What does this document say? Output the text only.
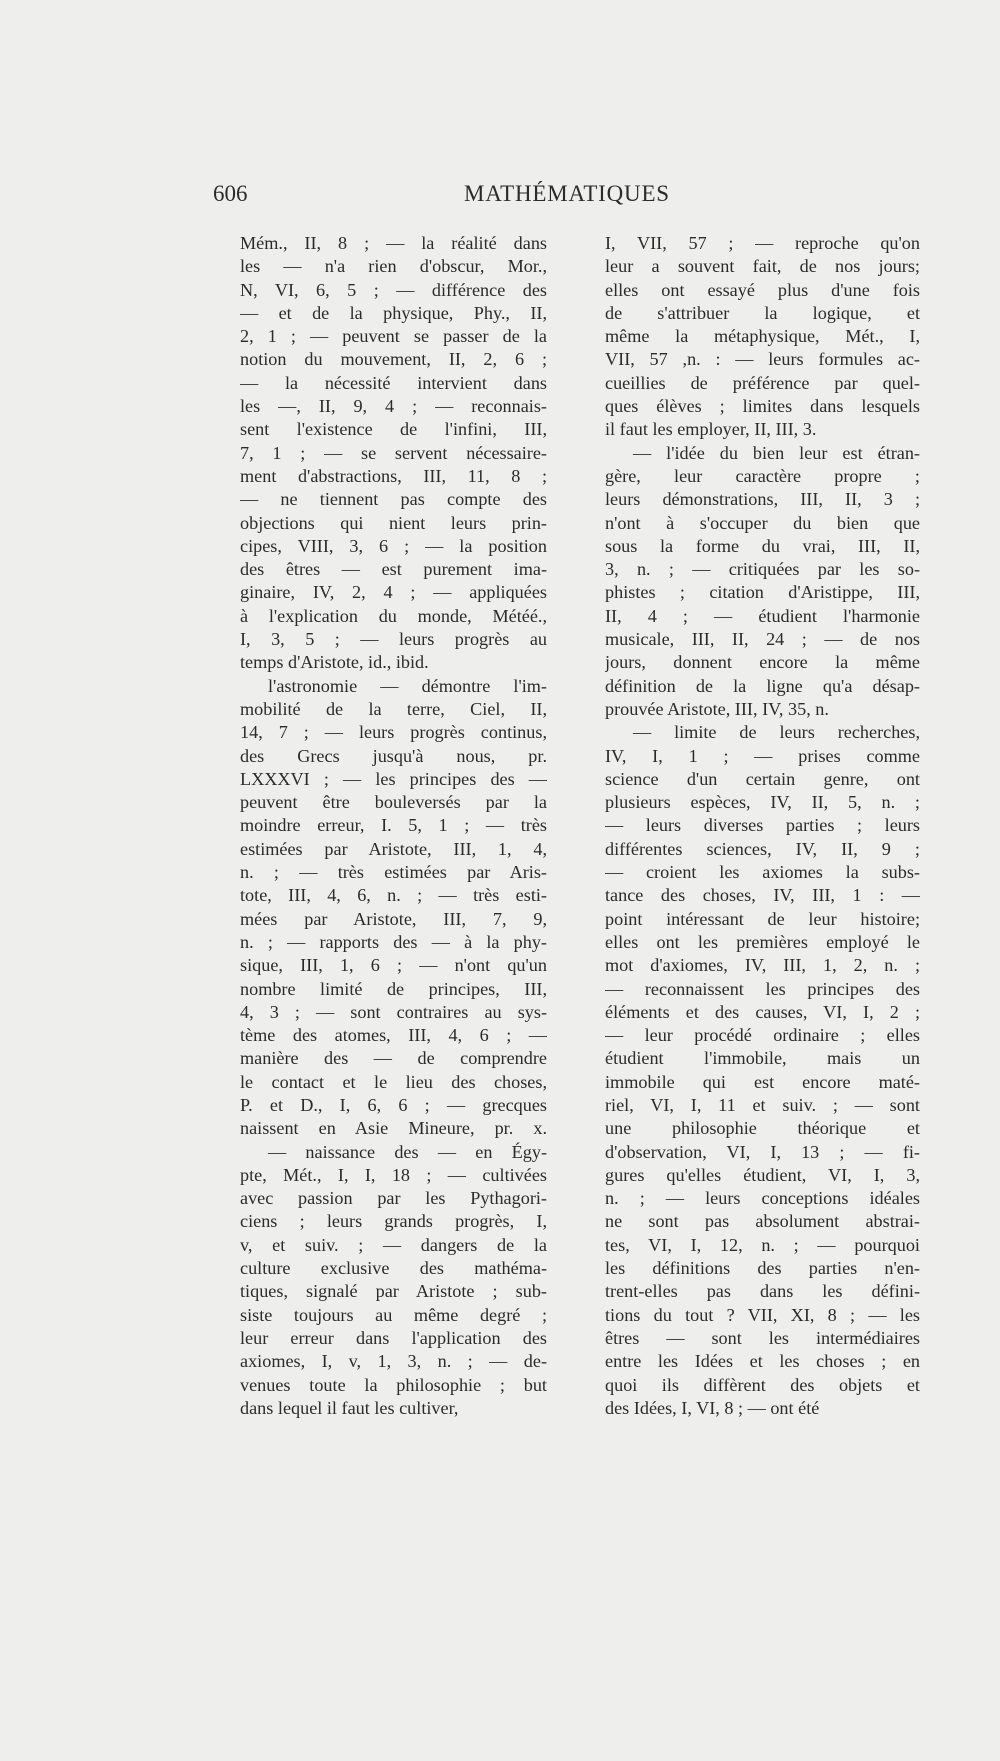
606	MATHÉMATIQUES
Mém., II, 8 ; — la réalité dans
les — n'a rien d'obscur, Mor.,
N, VI, 6, 5 ; — différence des
— et de la physique, Phy., II,
2, 1 ; — peuvent se passer de la
notion du mouvement, II, 2, 6 ;
— la nécessité intervient dans
les —, II, 9, 4 ; — reconnais-
sent l'existence de l'infini, III,
7, 1 ; — se servent nécessaire-
ment d'abstractions, III, 11, 8 ;
— ne tiennent pas compte des
objections qui nient leurs prin-
cipes, VIII, 3, 6 ; — la position
des êtres — est purement ima-
ginaire, IV, 2, 4 ; — appliquées
à l'explication du monde, Météé.,
I, 3, 5 ; — leurs progrès au
temps d'Aristote, id., ibid.
l'astronomie — démontre l'im-
mobilité de la terre, Ciel, II,
14, 7 ; — leurs progrès continus,
des Grecs jusqu'à nous, pr.
LXXXVI ; — les principes des —
peuvent être bouleversés par la
moindre erreur, I. 5, 1 ; — très
estimées par Aristote, III, 1, 4,
n. ; — très estimées par Aris-
tote, III, 4, 6, n. ; — très esti-
mées par Aristote, III, 7, 9,
n. ; — rapports des — à la phy-
sique, III, 1, 6 ; — n'ont qu'un
nombre limité de principes, III,
4, 3 ; — sont contraires au sys-
tème des atomes, III, 4, 6 ; —
manière des — de comprendre
le contact et le lieu des choses,
P. et D., I, 6, 6 ; — grecques
naissent en Asie Mineure, pr. x.
— naissance des — en Égy-
pte, Mét., I, I, 18 ; — cultivées
avec passion par les Pythagori-
ciens ; leurs grands progrès, I,
v, et suiv. ; — dangers de la
culture exclusive des mathéma-
tiques, signalé par Aristote ; sub-
siste toujours au même degré ;
leur erreur dans l'application des
axiomes, I, v, 1, 3, n. ; — de-
venues toute la philosophie ; but
dans lequel il faut les cultiver,
I, VII, 57 ; — reproche qu'on
leur a souvent fait, de nos jours;
elles ont essayé plus d'une fois
de s'attribuer la logique, et
même la métaphysique, Mét., I,
VII, 57 ,n. : — leurs formules ac-
cueillies de préférence par quel-
ques élèves ; limites dans lesquels
il faut les employer, II, III, 3.
— l'idée du bien leur est étran-
gère, leur caractère propre ;
leurs démonstrations, III, II, 3 ;
n'ont à s'occuper du bien que
sous la forme du vrai, III, II,
3, n. ; — critiquées par les so-
phistes ; citation d'Aristippe, III,
II, 4 ; — étudient l'harmonie
musicale, III, II, 24 ; — de nos
jours, donnent encore la même
définition de la ligne qu'a désap-
prouvée Aristote, III, IV, 35, n.
— limite de leurs recherches,
IV, I, 1 ; — prises comme
science d'un certain genre, ont
plusieurs espèces, IV, II, 5, n. ;
— leurs diverses parties ; leurs
différentes sciences, IV, II, 9 ;
— croient les axiomes la subs-
tance des choses, IV, III, 1 : —
point intéressant de leur histoire;
elles ont les premières employé le
mot d'axiomes, IV, III, 1, 2, n. ;
— reconnaissent les principes des
éléments et des causes, VI, I, 2 ;
— leur procédé ordinaire ; elles
étudient l'immobile, mais un
immobile qui est encore maté-
riel, VI, I, 11 et suiv. ; — sont
une philosophie théorique et
d'observation, VI, I, 13 ; — fi-
gures qu'elles étudient, VI, I, 3,
n. ; — leurs conceptions idéales
ne sont pas absolument abstrai-
tes, VI, I, 12, n. ; — pourquoi
les définitions des parties n'en-
trent-elles pas dans les défini-
tions du tout ? VII, XI, 8 ; — les
êtres — sont les intermédiaires
entre les Idées et les choses ; en
quoi ils diffèrent des objets et
des Idées, I, VI, 8 ; — ont été
